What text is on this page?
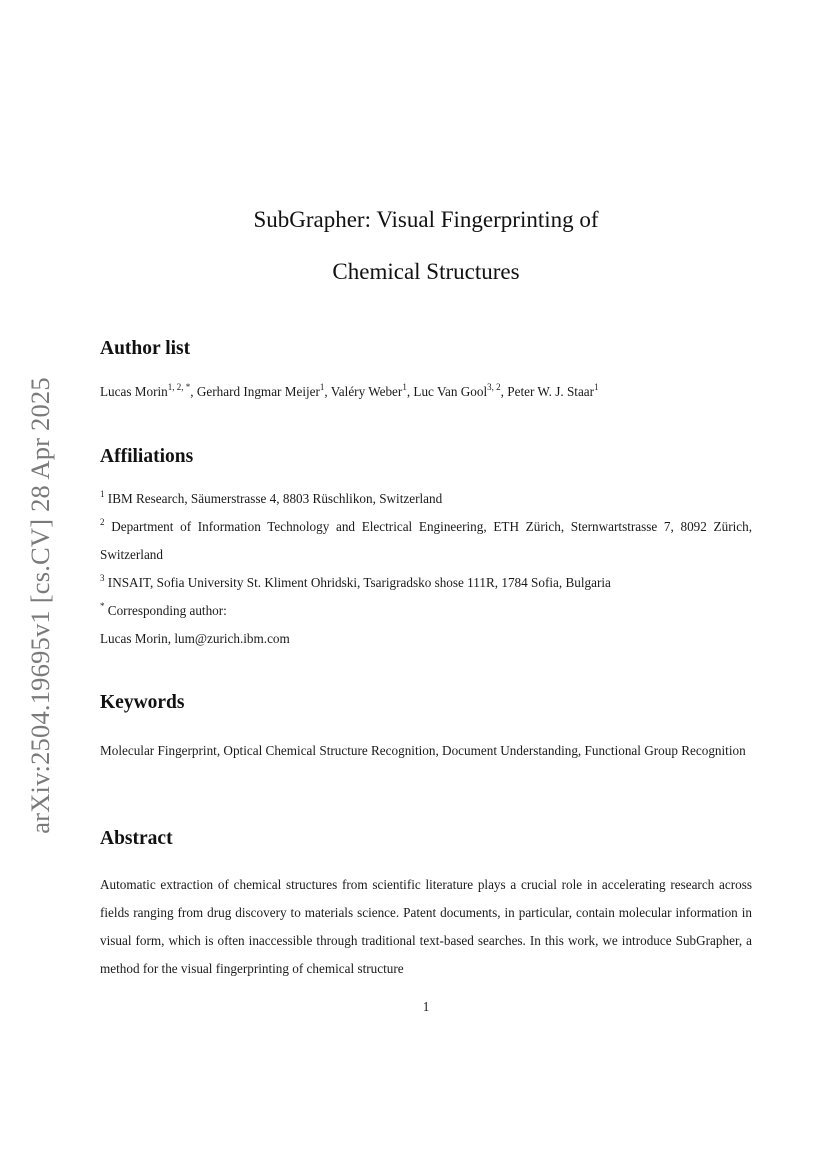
arXiv:2504.19695v1 [cs.CV] 28 Apr 2025
SubGrapher: Visual Fingerprinting of
Chemical Structures
Author list
Lucas Morin$^{1, 2, *}$, Gerhard Ingmar Meijer$^1$, Valéry Weber$^1$, Luc Van Gool$^{3, 2}$, Peter W. J. Staar$^1$
Affiliations
$^1$ IBM Research, Säumerstrasse 4, 8803 Rüschlikon, Switzerland
$^2$ Department of Information Technology and Electrical Engineering, ETH Zürich, Sternwartstrasse 7, 8092 Zürich, Switzerland
$^3$ INSAIT, Sofia University St. Kliment Ohridski, Tsarigradsko shose 111R, 1784 Sofia, Bulgaria
* Corresponding author:
Lucas Morin, lum@zurich.ibm.com
Keywords
Molecular Fingerprint, Optical Chemical Structure Recognition, Document Understanding, Functional Group Recognition
Abstract
Automatic extraction of chemical structures from scientific literature plays a crucial role in accelerating research across fields ranging from drug discovery to materials science. Patent documents, in particular, contain molecular information in visual form, which is often inaccessible through traditional text-based searches. In this work, we introduce SubGrapher, a method for the visual fingerprinting of chemical structure
1
